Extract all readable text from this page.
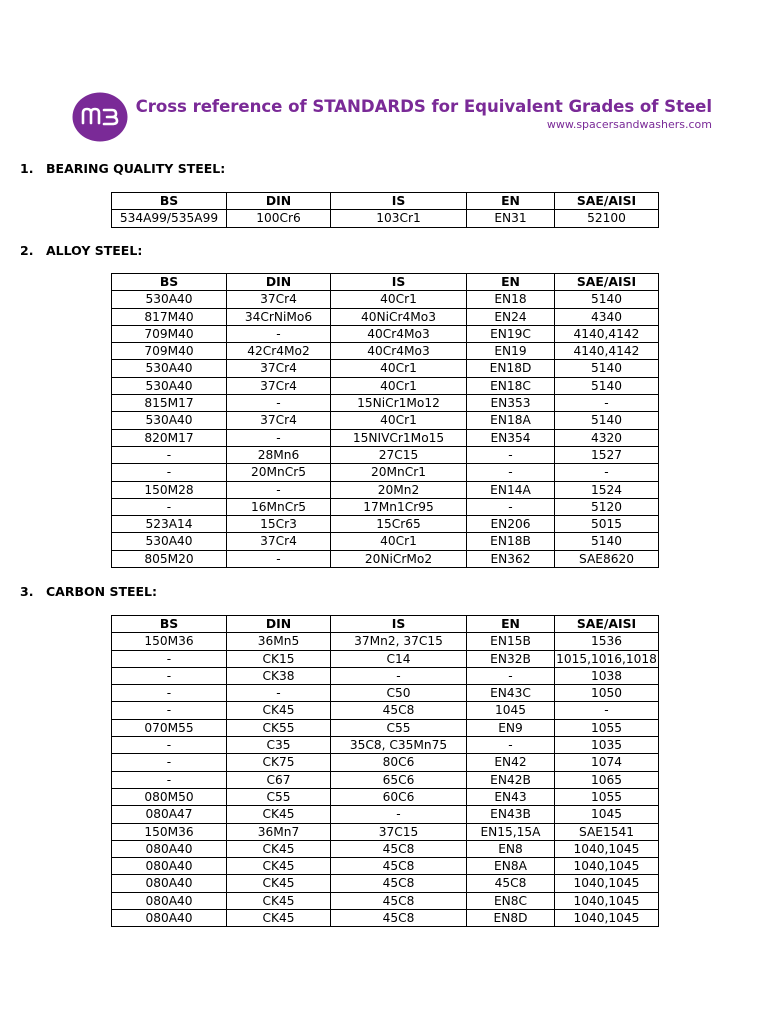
Cross reference of STANDARDS for Equivalent Grades of Steel
www.spacersandwashers.com
1. BEARING QUALITY STEEL:
BS	DIN	IS	EN	SAE/AISI
534A99/535A99	100Cr6	103Cr1	EN31	52100
2. ALLOY STEEL:
BS	DIN	IS	EN	SAE/AISI
530A40	37Cr4	40Cr1	EN18	5140
817M40	34CrNiMo6	40NiCr4Mo3	EN24	4340
709M40	-	40Cr4Mo3	EN19C	4140,4142
709M40	42Cr4Mo2	40Cr4Mo3	EN19	4140,4142
530A40	37Cr4	40Cr1	EN18D	5140
530A40	37Cr4	40Cr1	EN18C	5140
815M17	-	15NiCr1Mo12	EN353	-
530A40	37Cr4	40Cr1	EN18A	5140
820M17	-	15NIVCr1Mo15	EN354	4320
-	28Mn6	27C15	-	1527
-	20MnCr5	20MnCr1	-	-
150M28	-	20Mn2	EN14A	1524
-	16MnCr5	17Mn1Cr95	-	5120
523A14	15Cr3	15Cr65	EN206	5015
530A40	37Cr4	40Cr1	EN18B	5140
805M20	-	20NiCrMo2	EN362	SAE8620
3. CARBON STEEL:
BS	DIN	IS	EN	SAE/AISI
150M36	36Mn5	37Mn2, 37C15	EN15B	1536
-	CK15	C14	EN32B	1015,1016,1018
-	CK38	-	-	1038
-	-	C50	EN43C	1050
-	CK45	45C8	1045	-
070M55	CK55	C55	EN9	1055
-	C35	35C8, C35Mn75	-	1035
-	CK75	80C6	EN42	1074
-	C67	65C6	EN42B	1065
080M50	C55	60C6	EN43	1055
080A47	CK45	-	EN43B	1045
150M36	36Mn7	37C15	EN15,15A	SAE1541
080A40	CK45	45C8	EN8	1040,1045
080A40	CK45	45C8	EN8A	1040,1045
080A40	CK45	45C8	45C8	1040,1045
080A40	CK45	45C8	EN8C	1040,1045
080A40	CK45	45C8	EN8D	1040,1045
